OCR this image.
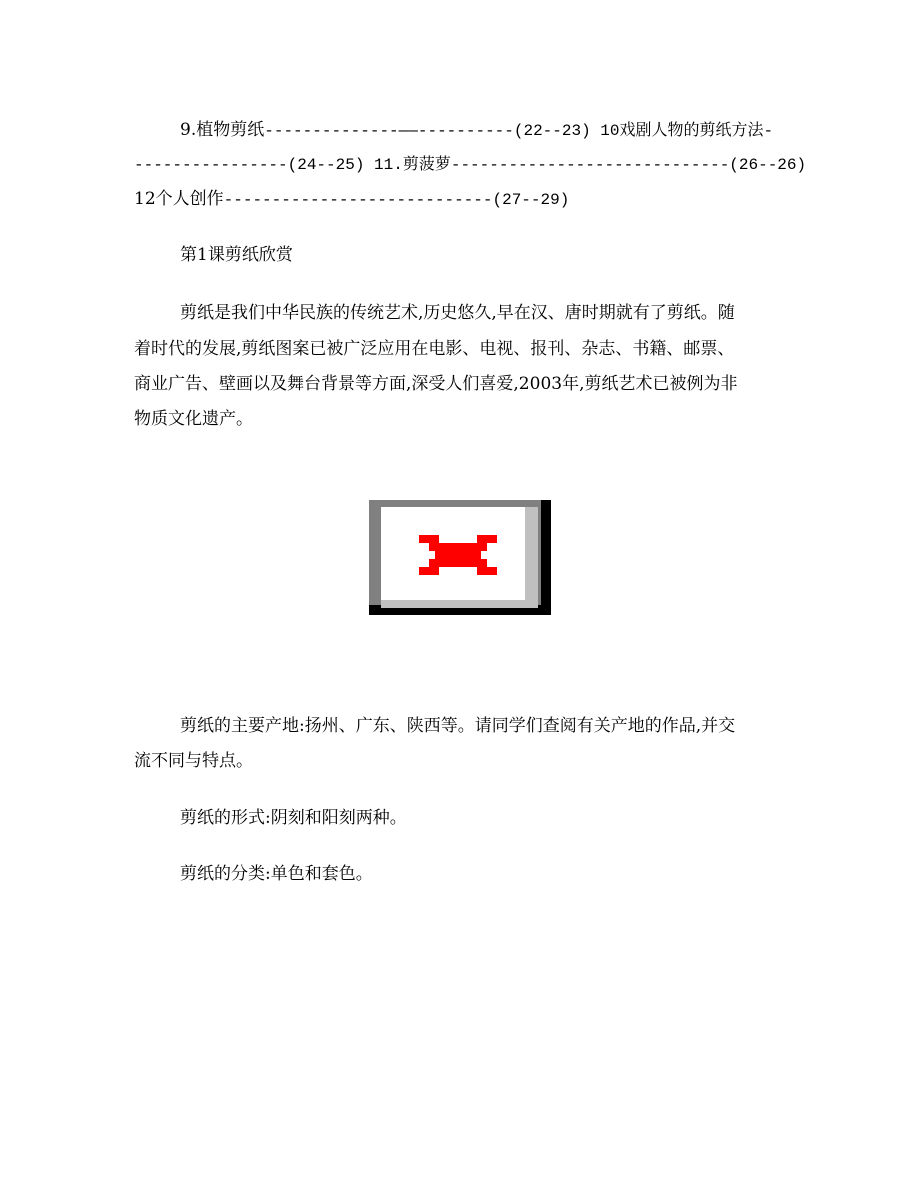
9.植物剪纸--------------——----------(22--23) 10戏剧人物的剪纸方法-
----------------(24--25) 11.剪菠萝-----------------------------(26--26)
12个人创作----------------------------(27--29)
第1课剪纸欣赏
剪纸是我们中华民族的传统艺术,历史悠久,早在汉、唐时期就有了剪纸。随
着时代的发展,剪纸图案已被广泛应用在电影、电视、报刊、杂志、书籍、邮票、
商业广告、壁画以及舞台背景等方面,深受人们喜爱,2003年,剪纸艺术已被例为非
物质文化遗产。
剪纸的主要产地:扬州、广东、陕西等。请同学们查阅有关产地的作品,并交
流不同与特点。
剪纸的形式:阴刻和阳刻两种。
剪纸的分类:单色和套色。
